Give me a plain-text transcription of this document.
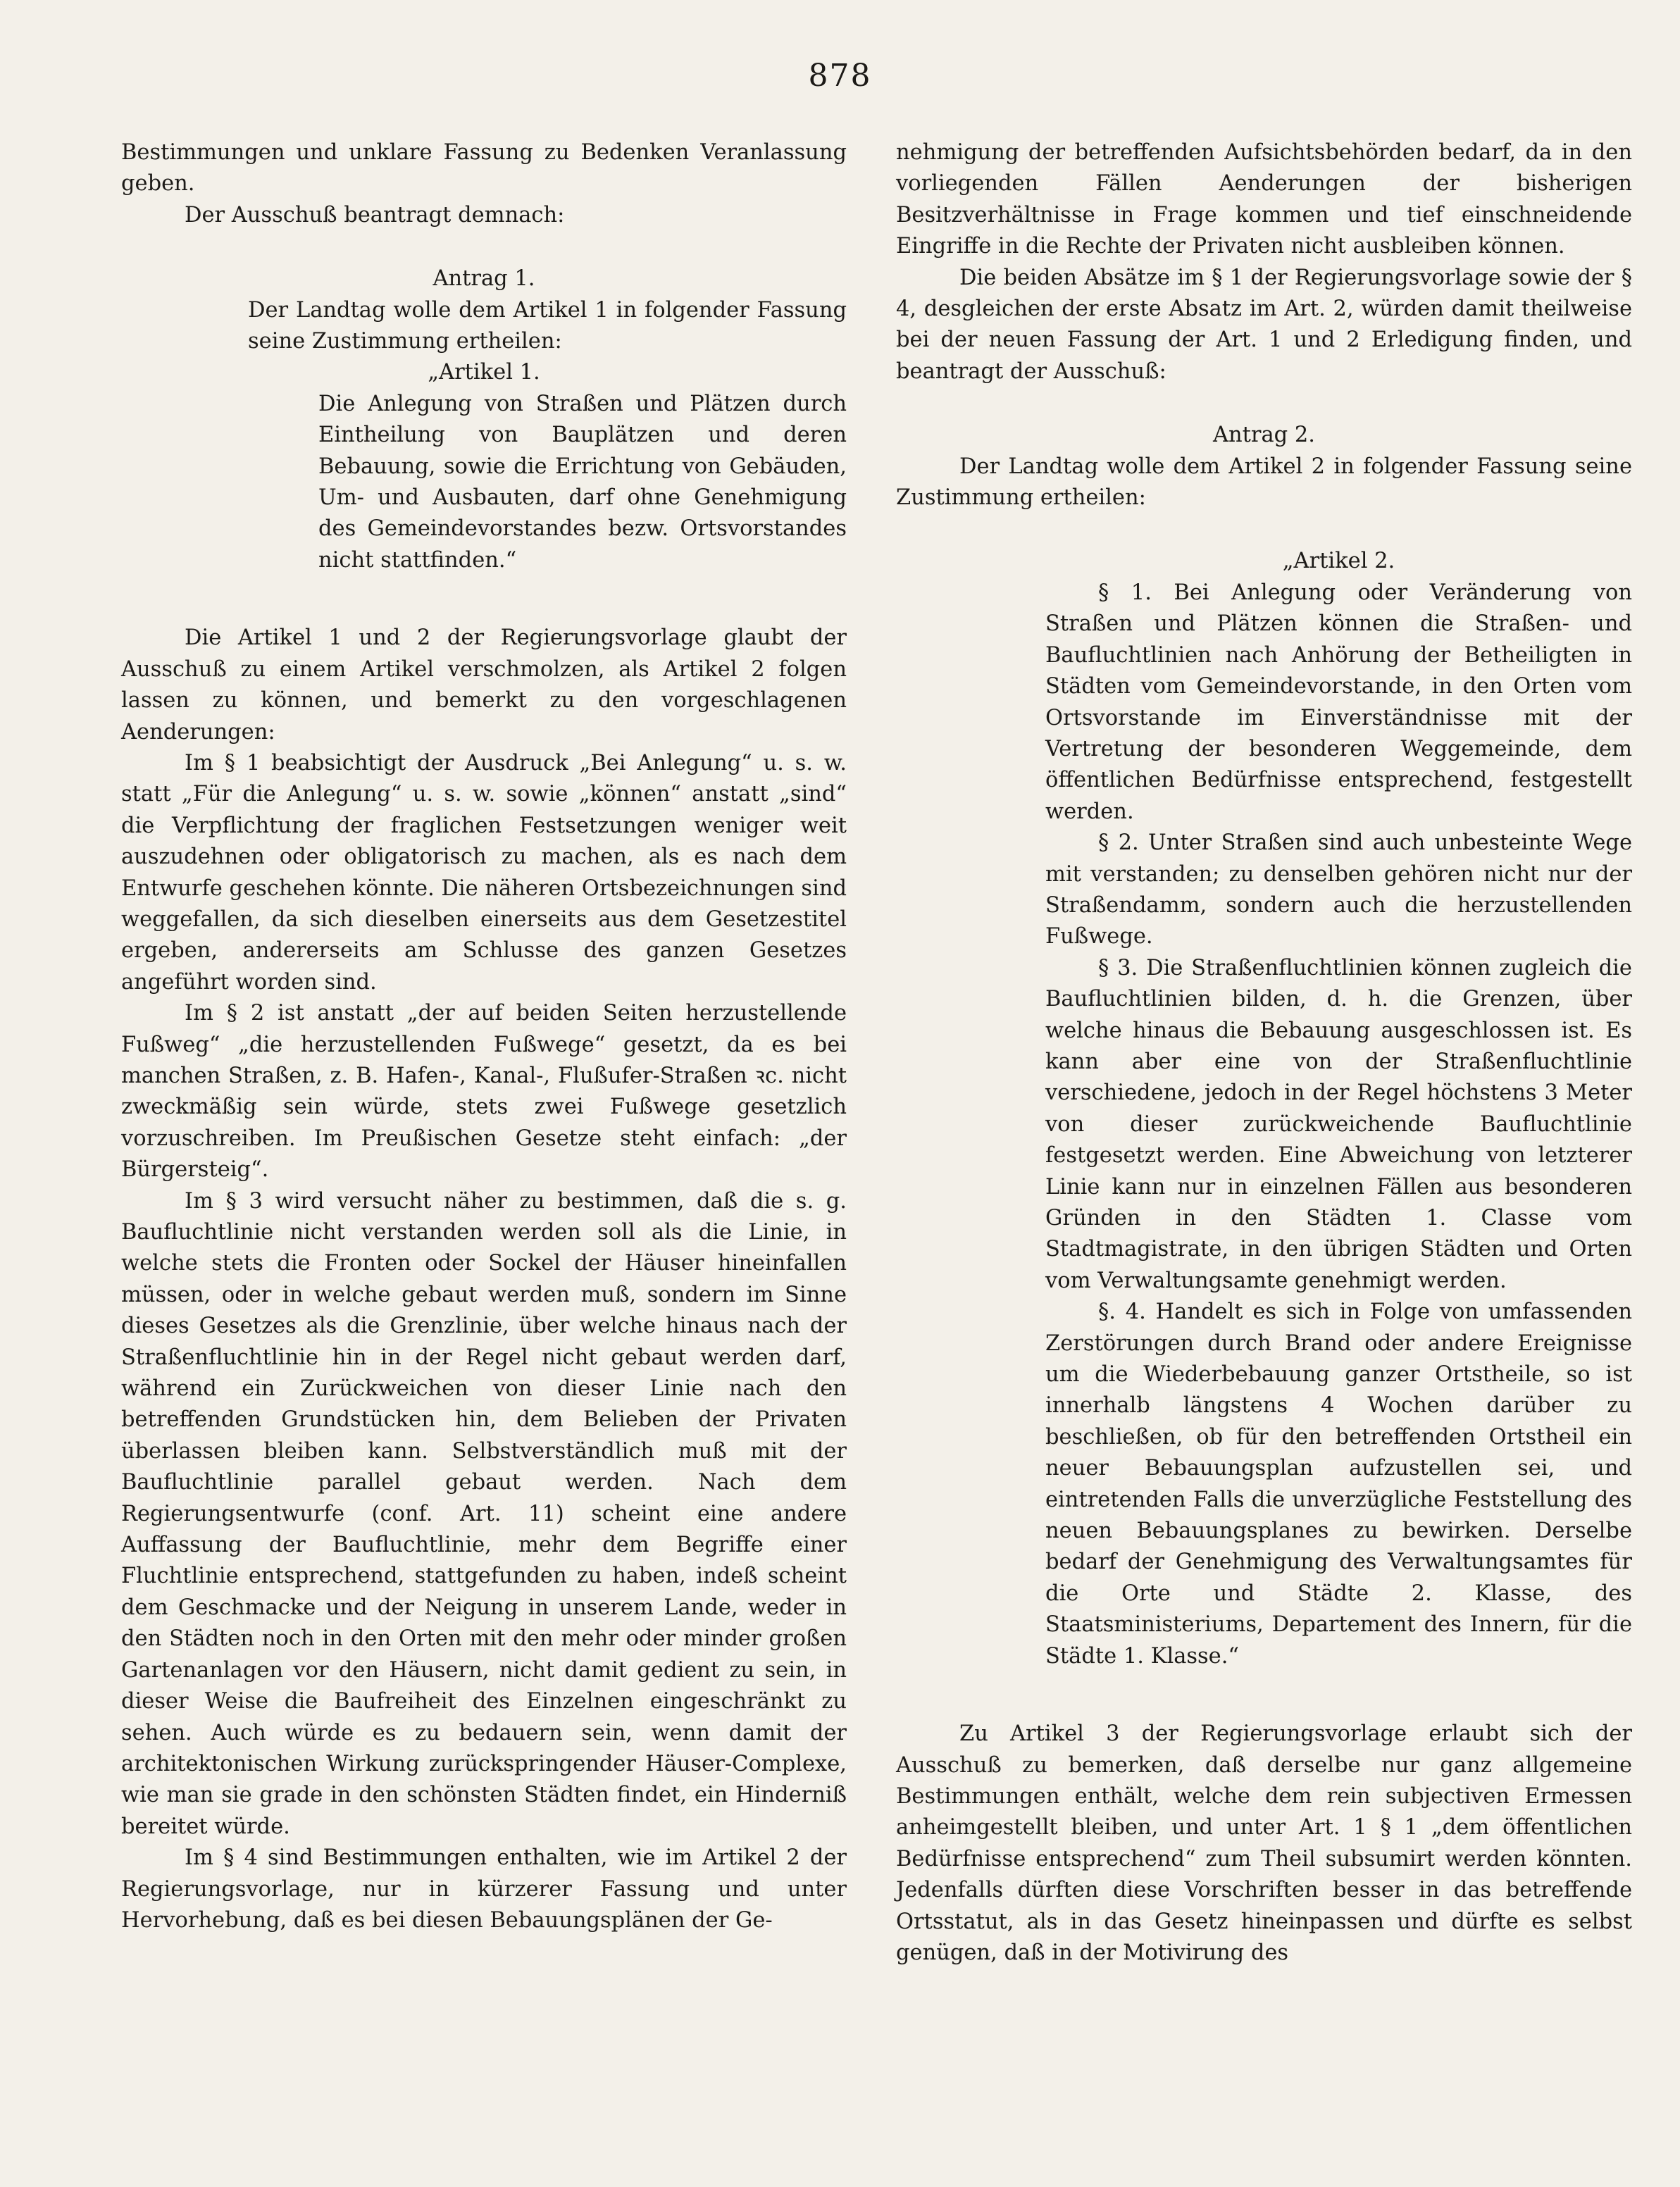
878

Bestimmungen und unklare Fassung zu Bedenken Veranlassung geben.

Der Ausschuß beantragt demnach:

Antrag 1.

Der Landtag wolle dem Artikel 1 in folgender Fassung seine Zustimmung ertheilen:

„Artikel 1.

Die Anlegung von Straßen und Plätzen durch Eintheilung von Bauplätzen und deren Bebauung, sowie die Errichtung von Gebäuden, Um- und Ausbauten, darf ohne Genehmigung des Gemeindevorstandes bezw. Ortsvorstandes nicht stattfinden.“

Die Artikel 1 und 2 der Regierungsvorlage glaubt der Ausschuß zu einem Artikel verschmolzen, als Artikel 2 folgen lassen zu können, und bemerkt zu den vorgeschlagenen Aenderungen:

Im § 1 beabsichtigt der Ausdruck „Bei Anlegung“ u. s. w. statt „Für die Anlegung“ u. s. w. sowie „können“ anstatt „sind“ die Verpflichtung der fraglichen Festsetzungen weniger weit auszudehnen oder obligatorisch zu machen, als es nach dem Entwurfe geschehen könnte. Die näheren Ortsbezeichnungen sind weggefallen, da sich dieselben einerseits aus dem Gesetzestitel ergeben, andererseits am Schlusse des ganzen Gesetzes angeführt worden sind.

Im § 2 ist anstatt „der auf beiden Seiten herzustellende Fußweg“ „die herzustellenden Fußwege“ gesetzt, da es bei manchen Straßen, z. B. Hafen-, Kanal-, Flußufer-Straßen ꝛc. nicht zweckmäßig sein würde, stets zwei Fußwege gesetzlich vorzuschreiben. Im Preußischen Gesetze steht einfach: „der Bürgersteig“.

Im § 3 wird versucht näher zu bestimmen, daß die s. g. Baufluchtlinie nicht verstanden werden soll als die Linie, in welche stets die Fronten oder Sockel der Häuser hineinfallen müssen, oder in welche gebaut werden muß, sondern im Sinne dieses Gesetzes als die Grenzlinie, über welche hinaus nach der Straßenfluchtlinie hin in der Regel nicht gebaut werden darf, während ein Zurückweichen von dieser Linie nach den betreffenden Grundstücken hin, dem Belieben der Privaten überlassen bleiben kann. Selbstverständlich muß mit der Baufluchtlinie parallel gebaut werden. Nach dem Regierungsentwurfe (conf. Art. 11) scheint eine andere Auffassung der Baufluchtlinie, mehr dem Begriffe einer Fluchtlinie entsprechend, stattgefunden zu haben, indeß scheint dem Geschmacke und der Neigung in unserem Lande, weder in den Städten noch in den Orten mit den mehr oder minder großen Gartenanlagen vor den Häusern, nicht damit gedient zu sein, in dieser Weise die Baufreiheit des Einzelnen eingeschränkt zu sehen. Auch würde es zu bedauern sein, wenn damit der architektonischen Wirkung zurückspringender Häuser-Complexe, wie man sie grade in den schönsten Städten findet, ein Hinderniß bereitet würde.

Im § 4 sind Bestimmungen enthalten, wie im Artikel 2 der Regierungsvorlage, nur in kürzerer Fassung und unter Hervorhebung, daß es bei diesen Bebauungsplänen der Ge-

nehmigung der betreffenden Aufsichtsbehörden bedarf, da in den vorliegenden Fällen Aenderungen der bisherigen Besitzverhältnisse in Frage kommen und tief einschneidende Eingriffe in die Rechte der Privaten nicht ausbleiben können.

Die beiden Absätze im § 1 der Regierungsvorlage sowie der § 4, desgleichen der erste Absatz im Art. 2, würden damit theilweise bei der neuen Fassung der Art. 1 und 2 Erledigung finden, und beantragt der Ausschuß:

Antrag 2.

Der Landtag wolle dem Artikel 2 in folgender Fassung seine Zustimmung ertheilen:

„Artikel 2.

§ 1. Bei Anlegung oder Veränderung von Straßen und Plätzen können die Straßen- und Baufluchtlinien nach Anhörung der Betheiligten in Städten vom Gemeindevorstande, in den Orten vom Ortsvorstande im Einverständnisse mit der Vertretung der besonderen Weggemeinde, dem öffentlichen Bedürfnisse entsprechend, festgestellt werden.

§ 2. Unter Straßen sind auch unbesteinte Wege mit verstanden; zu denselben gehören nicht nur der Straßendamm, sondern auch die herzustellenden Fußwege.

§ 3. Die Straßenfluchtlinien können zugleich die Baufluchtlinien bilden, d. h. die Grenzen, über welche hinaus die Bebauung ausgeschlossen ist. Es kann aber eine von der Straßenfluchtlinie verschiedene, jedoch in der Regel höchstens 3 Meter von dieser zurückweichende Baufluchtlinie festgesetzt werden. Eine Abweichung von letzterer Linie kann nur in einzelnen Fällen aus besonderen Gründen in den Städten 1. Classe vom Stadtmagistrate, in den übrigen Städten und Orten vom Verwaltungsamte genehmigt werden.

§. 4. Handelt es sich in Folge von umfassenden Zerstörungen durch Brand oder andere Ereignisse um die Wiederbebauung ganzer Ortstheile, so ist innerhalb längstens 4 Wochen darüber zu beschließen, ob für den betreffenden Ortstheil ein neuer Bebauungsplan aufzustellen sei, und eintretenden Falls die unverzügliche Feststellung des neuen Bebauungsplanes zu bewirken. Derselbe bedarf der Genehmigung des Verwaltungsamtes für die Orte und Städte 2. Klasse, des Staatsministeriums, Departement des Innern, für die Städte 1. Klasse.“

Zu Artikel 3 der Regierungsvorlage erlaubt sich der Ausschuß zu bemerken, daß derselbe nur ganz allgemeine Bestimmungen enthält, welche dem rein subjectiven Ermessen anheimgestellt bleiben, und unter Art. 1 § 1 „dem öffentlichen Bedürfnisse entsprechend“ zum Theil subsumirt werden könnten. Jedenfalls dürften diese Vorschriften besser in das betreffende Ortsstatut, als in das Gesetz hineinpassen und dürfte es selbst genügen, daß in der Motivirung des
